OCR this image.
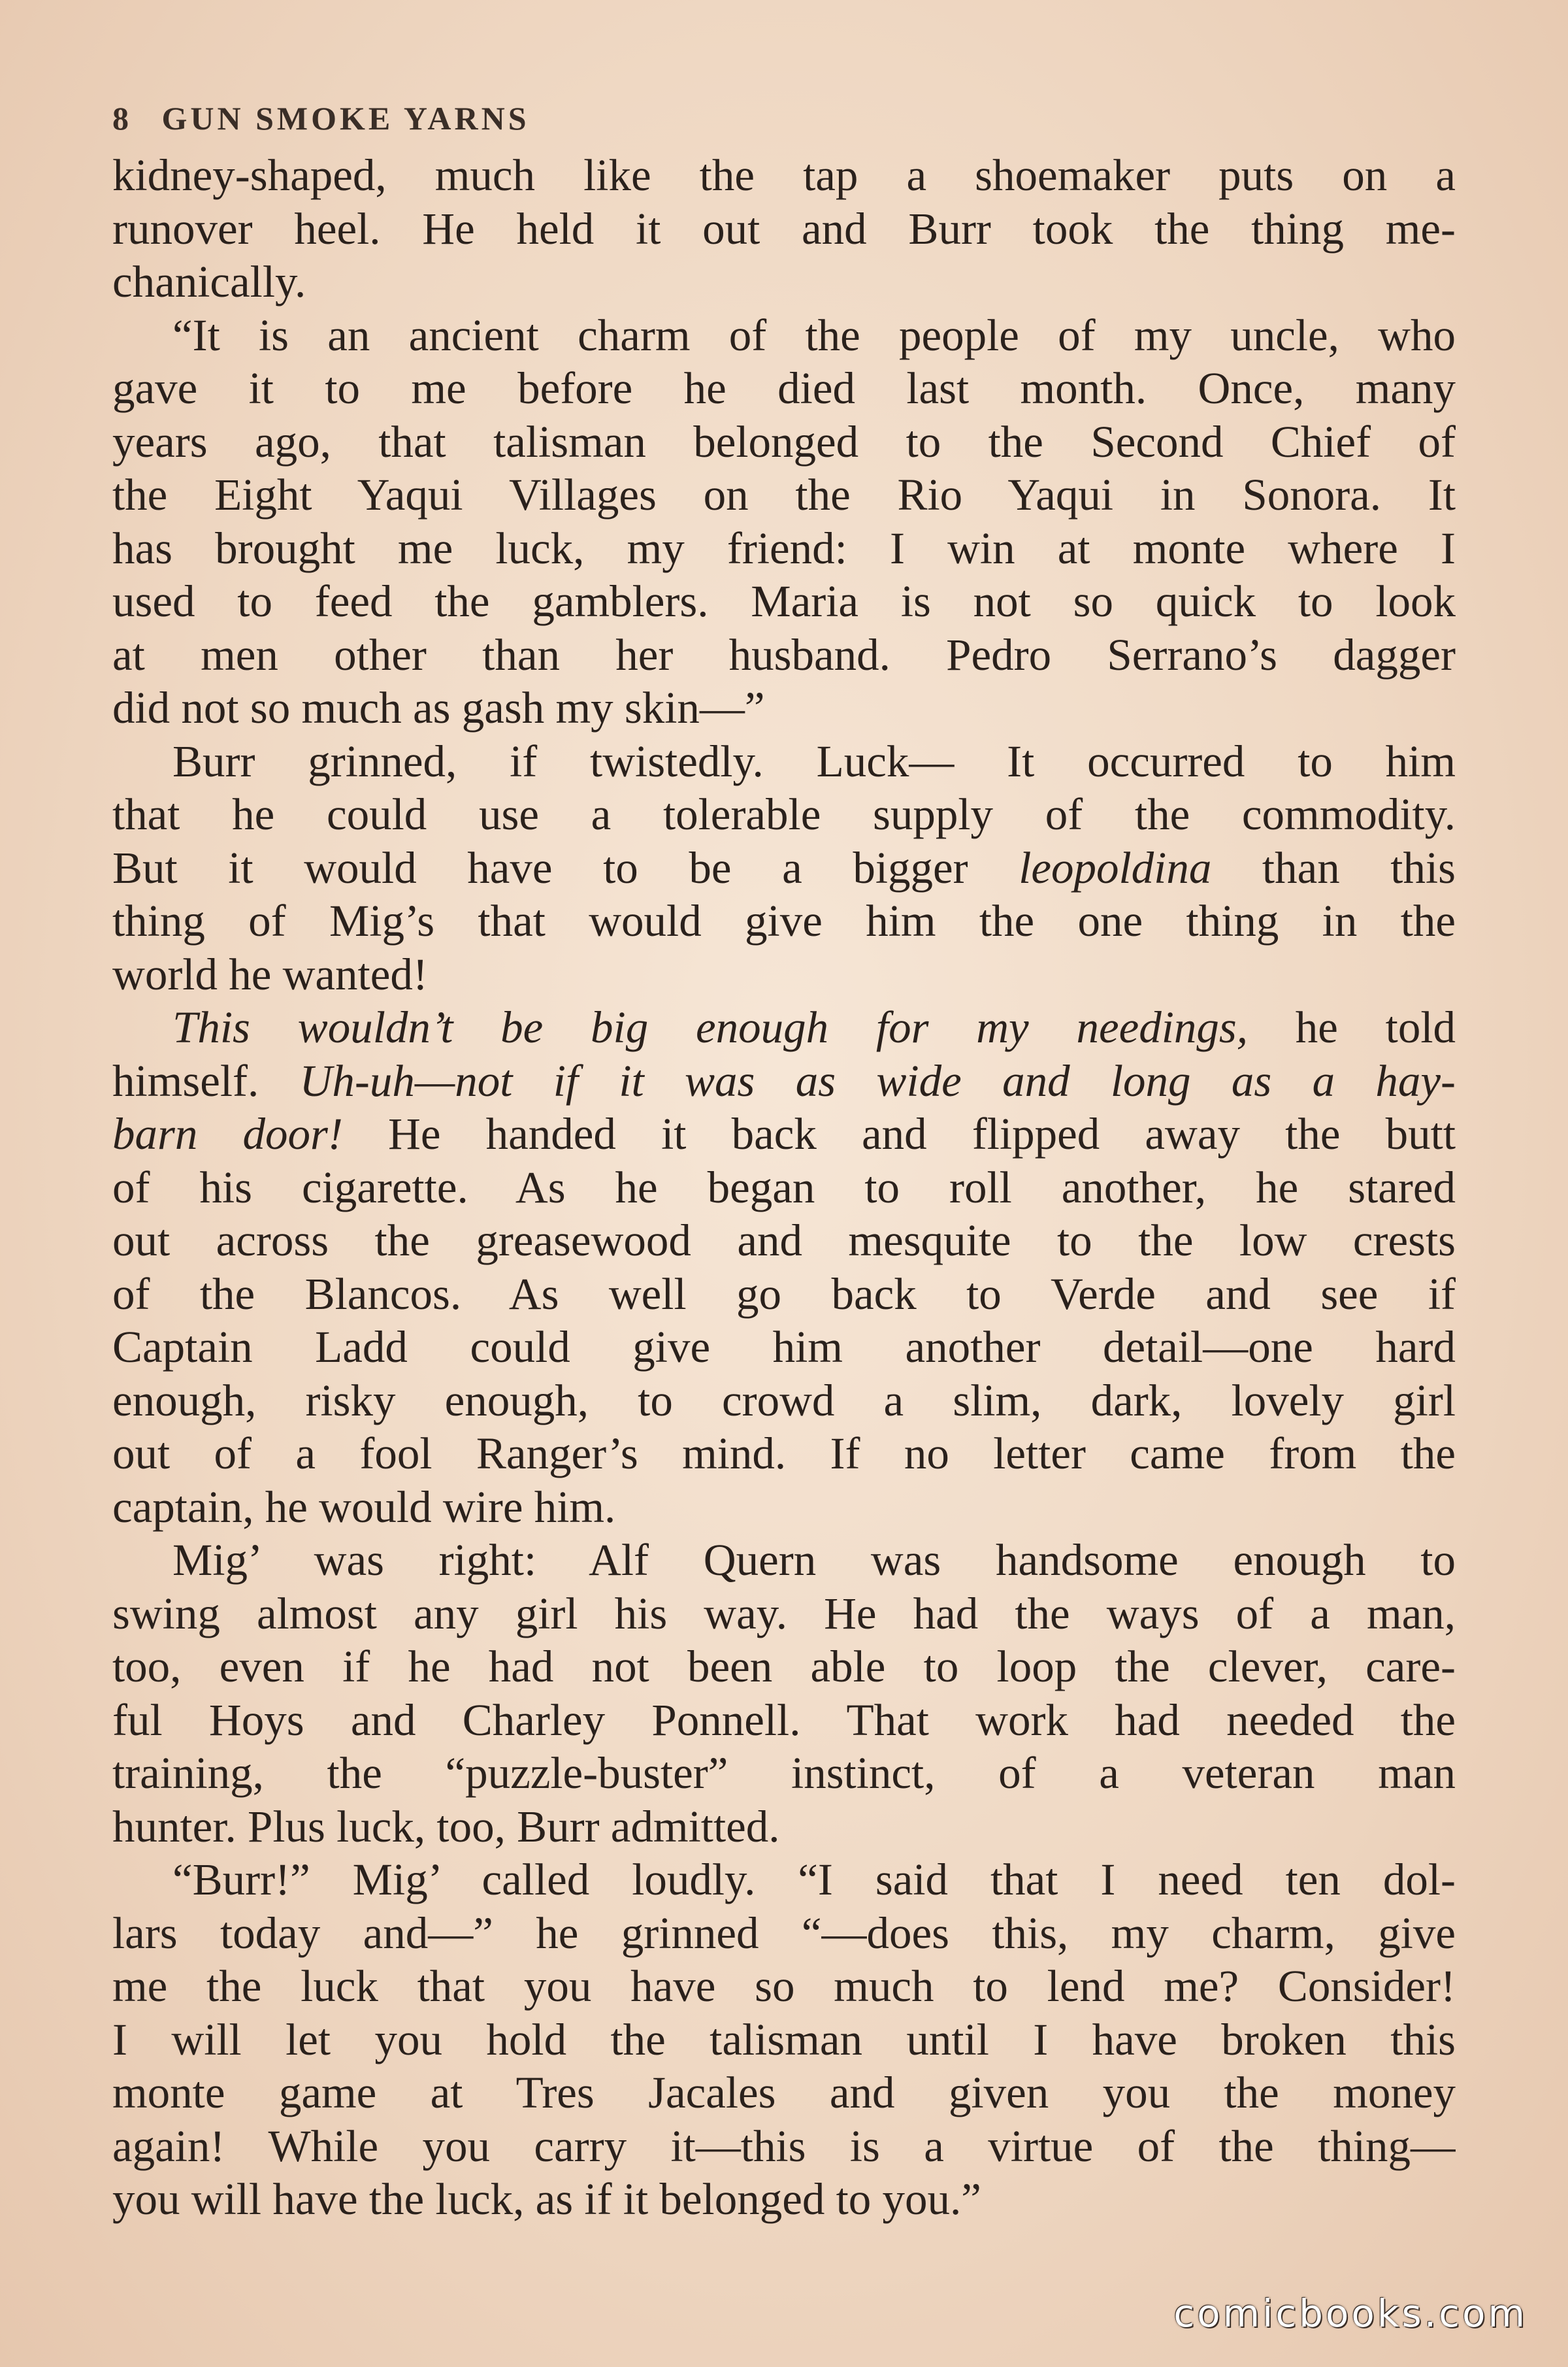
8 GUN SMOKE YARNS
kidney-shaped, much like the tap a shoemaker puts on a
runover heel. He held it out and Burr took the thing me-
chanically.
“It is an ancient charm of the people of my uncle, who
gave it to me before he died last month. Once, many
years ago, that talisman belonged to the Second Chief of
the Eight Yaqui Villages on the Rio Yaqui in Sonora. It
has brought me luck, my friend: I win at monte where I
used to feed the gamblers. Maria is not so quick to look
at men other than her husband. Pedro Serrano’s dagger
did not so much as gash my skin—”
Burr grinned, if twistedly. Luck— It occurred to him
that he could use a tolerable supply of the commodity.
But it would have to be a bigger leopoldina than this
thing of Mig’s that would give him the one thing in the
world he wanted!
This wouldn’t be big enough for my needings, he told
himself. Uh-uh—not if it was as wide and long as a hay-
barn door! He handed it back and flipped away the butt
of his cigarette. As he began to roll another, he stared
out across the greasewood and mesquite to the low crests
of the Blancos. As well go back to Verde and see if
Captain Ladd could give him another detail—one hard
enough, risky enough, to crowd a slim, dark, lovely girl
out of a fool Ranger’s mind. If no letter came from the
captain, he would wire him.
Mig’ was right: Alf Quern was handsome enough to
swing almost any girl his way. He had the ways of a man,
too, even if he had not been able to loop the clever, care-
ful Hoys and Charley Ponnell. That work had needed the
training, the “puzzle-buster” instinct, of a veteran man
hunter. Plus luck, too, Burr admitted.
“Burr!” Mig’ called loudly. “I said that I need ten dol-
lars today and—” he grinned “—does this, my charm, give
me the luck that you have so much to lend me? Consider!
I will let you hold the talisman until I have broken this
monte game at Tres Jacales and given you the money
again! While you carry it—this is a virtue of the thing—
you will have the luck, as if it belonged to you.”
comicbooks.com
